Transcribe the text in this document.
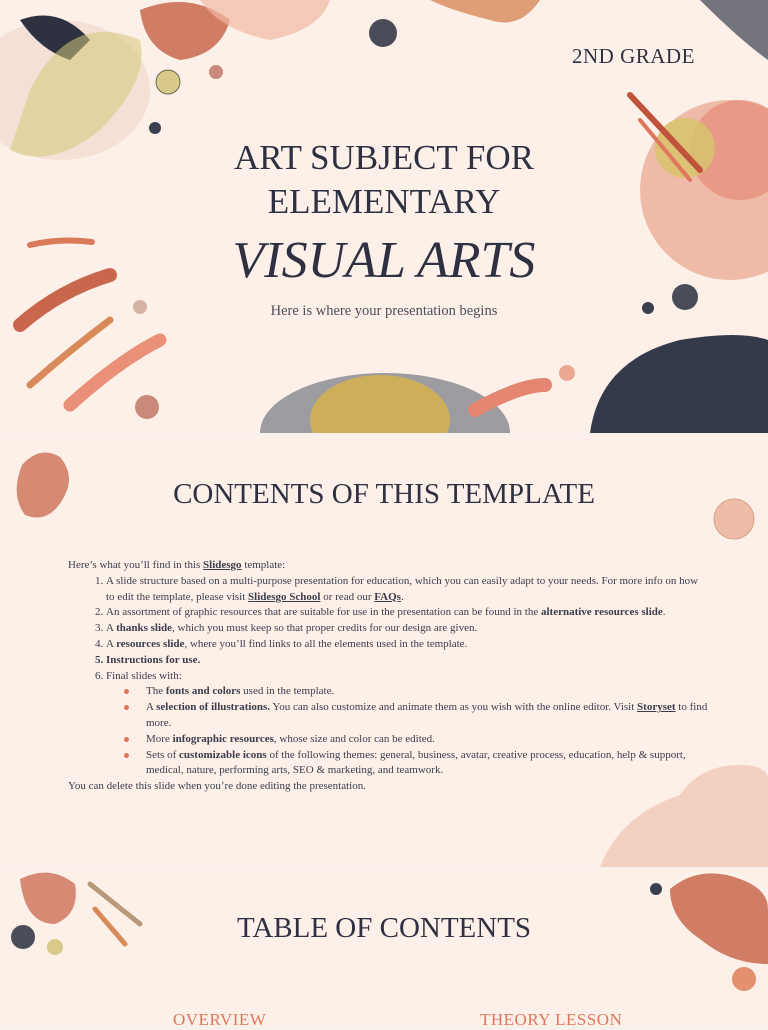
2ND GRADE
ART SUBJECT FOR
ELEMENTARY
VISUAL ARTS
Here is where your presentation begins
CONTENTS OF THIS TEMPLATE

Here’s what you’ll find in this Slidesgo template:

1. A slide structure based on a multi-purpose presentation for education, which you can easily adapt to your needs. For more info on how to edit the template, please visit Slidesgo School or read our FAQs.
2. An assortment of graphic resources that are suitable for use in the presentation can be found in the alternative resources slide.
3. A thanks slide, which you must keep so that proper credits for our design are given.
4. A resources slide, where you’ll find links to all the elements used in the template.
5. Instructions for use.
6. Final slides with:
The fonts and colors used in the template.
A selection of illustrations. You can also customize and animate them as you wish with the online editor. Visit Storyset to find more.
More infographic resources, whose size and color can be edited.
Sets of customizable icons of the following themes: general, business, avatar, creative process, education, help & support, medical, nature, performing arts, SEO & marketing, and teamwork.

You can delete this slide when you’re done editing the presentation.

TABLE OF CONTENTS
OVERVIEW	THEORY LESSON
